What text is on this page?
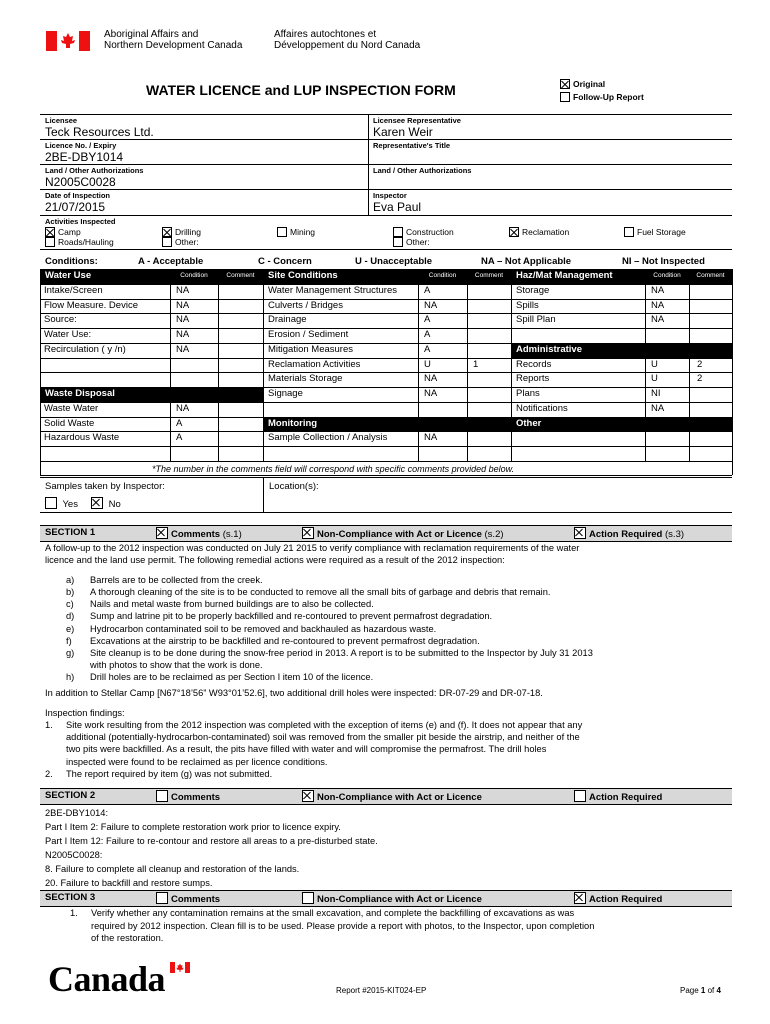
Aboriginal Affairs and
Northern Development Canada
Affaires autochtones et
Développement du Nord Canada
WATER LICENCE and LUP INSPECTION FORM	Original
Follow-Up Report
Licensee	Licensee Representative
Teck Resources Ltd.	Karen Weir
Licence No. / Expiry	Representative's Title
2BE-DBY1014
Land / Other Authorizations	Land / Other Authorizations
N2005C0028
Date of Inspection	Inspector
21/07/2015	Eva Paul
Activities Inspected
Camp
Roads/Hauling
Drilling
Other:
Mining	Construction
Other:
Reclamation	Fuel Storage
Conditions:	A - Acceptable	C - Concern	U - Unacceptable	NA – Not Applicable	NI – Not Inspected
Water Use	Site Conditions	Haz/Mat Management
Condition	Comment	Condition	Comment	Condition	Comment
Intake/Screen	NA
Flow Measure. Device	NA
Source:	NA
Water Use:	NA
Recirculation ( y /n)	NA
Waste Disposal
Waste Water	NA
Solid Waste	A
Hazardous Waste	A
Water Management Structures	A
Culverts / Bridges	NA
Drainage	A
Erosion / Sediment	A
Mitigation Measures	A
Reclamation Activities	U	1
Materials Storage	NA
Signage	NA
Monitoring
Sample Collection / Analysis	NA
Storage	NA
Spills	NA
Spill Plan	NA
Administrative
Records	U	2
Reports	U	2
Plans	NI
Notifications	NA
Other
*The number in the comments field will correspond with specific comments provided below.
Samples taken by Inspector:	Location(s):
Yes	No
SECTION 1	Comments (s.1)	Non-Compliance with Act or Licence (s.2)	Action Required (s.3)
A follow-up to the 2012 inspection was conducted on July 21 2015 to verify compliance with reclamation requirements of the water
licence and the land use permit. The following remedial actions were required as a result of the 2012 inspection:
a) Barrels are to be collected from the creek.
b) A thorough cleaning of the site is to be conducted to remove all the small bits of garbage and debris that remain.
c) Nails and metal waste from burned buildings are to also be collected.
d) Sump and latrine pit to be properly backfilled and re-contoured to prevent permafrost degradation.
e) Hydrocarbon contaminated soil to be removed and backhauled as hazardous waste.
f) Excavations at the airstrip to be backfilled and re-contoured to prevent permafrost degradation.
g) Site cleanup is to be done during the snow-free period in 2013. A report is to be submitted to the Inspector by July 31 2013
with photos to show that the work is done.
h) Drill holes are to be reclaimed as per Section I item 10 of the licence.
In addition to Stellar Camp [N67°18’56” W93°01’52.6], two additional drill holes were inspected: DR-07-29 and DR-07-18.
Inspection findings:
1. Site work resulting from the 2012 inspection was completed with the exception of items (e) and (f). It does not appear that any
additional (potentially-hydrocarbon-contaminated) soil was removed from the smaller pit beside the airstrip, and neither of the
two pits were backfilled. As a result, the pits have filled with water and will compromise the permafrost. The drill holes
inspected were found to be reclaimed as per licence conditions.
2. The report required by item (g) was not submitted.
SECTION 2	Comments	Non-Compliance with Act or Licence	Action Required
2BE-DBY1014:
Part I Item 2: Failure to complete restoration work prior to licence expiry.
Part I Item 12: Failure to re-contour and restore all areas to a pre-disturbed state.
N2005C0028:
8. Failure to complete all cleanup and restoration of the lands.
20. Failure to backfill and restore sumps.
SECTION 3	Comments	Non-Compliance with Act or Licence	Action Required
1. Verify whether any contamination remains at the small excavation, and complete the backfilling of excavations as was
required by 2012 inspection. Clean fill is to be used. Please provide a report with photos, to the Inspector, upon completion
of the restoration.
Canada	Report #2015-KIT024-EP	Page 1 of 4
